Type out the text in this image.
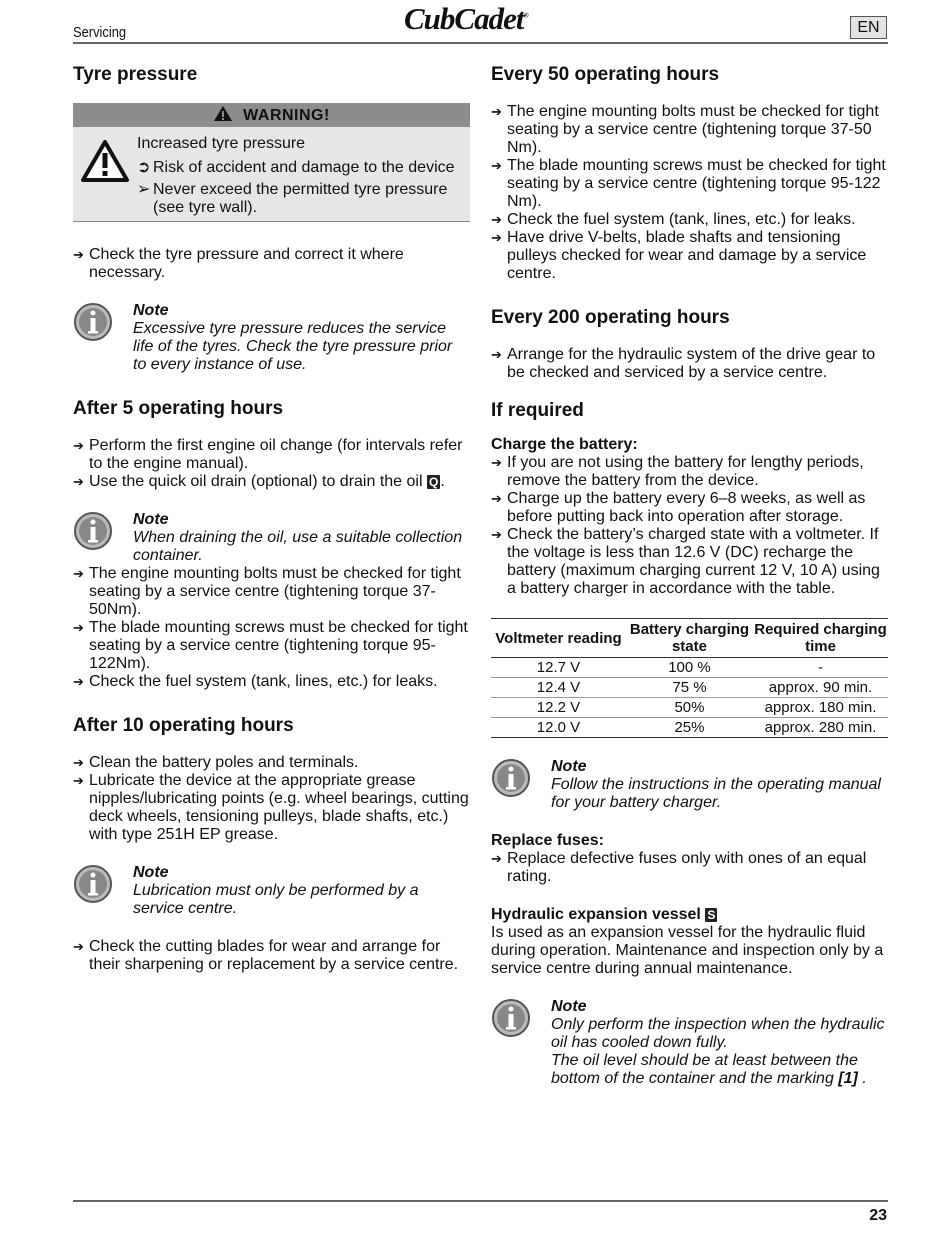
Servicing	CubCadet®
EN
Tyre pressure
WARNING!
Increased tyre pressure
➲ Risk of accident and damage to the device
➢ Never exceed the permitted tyre pressure (see tyre wall).
➔ Check the tyre pressure and correct it where necessary.
Note
Excessive tyre pressure reduces the service life of the tyres. Check the tyre pressure prior to every instance of use.
After 5 operating hours
➔ Perform the first engine oil change (for intervals refer to the engine manual).
➔ Use the quick oil drain (optional) to drain the oil Q .
Note
When draining the oil, use a suitable collection container.
➔ The engine mounting bolts must be checked for tight seating by a service centre (tightening torque 37-50Nm).
➔ The blade mounting screws must be checked for tight seating by a service centre (tightening torque 95-122Nm).
➔ Check the fuel system (tank, lines, etc.) for leaks.
After 10 operating hours
➔ Clean the battery poles and terminals.
➔ Lubricate the device at the appropriate grease nipples/lubricating points (e.g. wheel bearings, cutting deck wheels, tensioning pulleys, blade shafts, etc.) with type 251H EP grease.
Note
Lubrication must only be performed by a service centre.
➔ Check the cutting blades for wear and arrange for their sharpening or replacement by a service centre.
Every 50 operating hours
➔ The engine mounting bolts must be checked for tight seating by a service centre (tightening torque 37-50 Nm).
➔ The blade mounting screws must be checked for tight seating by a service centre (tightening torque 95-122 Nm).
➔ Check the fuel system (tank, lines, etc.) for leaks.
➔ Have drive V-belts, blade shafts and tensioning pulleys checked for wear and damage by a service centre.
Every 200 operating hours
➔ Arrange for the hydraulic system of the drive gear to be checked and serviced by a service centre.
If required
Charge the battery:
➔ If you are not using the battery for lengthy periods, remove the battery from the device.
➔ Charge up the battery every 6–8 weeks, as well as before putting back into operation after storage.
➔ Check the battery’s charged state with a voltmeter. If the voltage is less than 12.6 V (DC) recharge the battery (maximum charging current 12 V, 10 A) using a battery charger in accordance with the table.
Voltmeter reading	Battery charging state	Required charging time
12.7 V	100 %	-
12.4 V	75 %	approx. 90 min.
12.2 V	50%	approx. 180 min.
12.0 V	25%	approx. 280 min.
Note
Follow the instructions in the operating manual for your battery charger.
Replace fuses:
➔ Replace defective fuses only with ones of an equal rating.
Hydraulic expansion vessel S
Is used as an expansion vessel for the hydraulic fluid during operation. Maintenance and inspection only by a service centre during annual maintenance.
Note
Only perform the inspection when the hydraulic oil has cooled down fully.
The oil level should be at least between the bottom of the container and the marking [1] .
23
